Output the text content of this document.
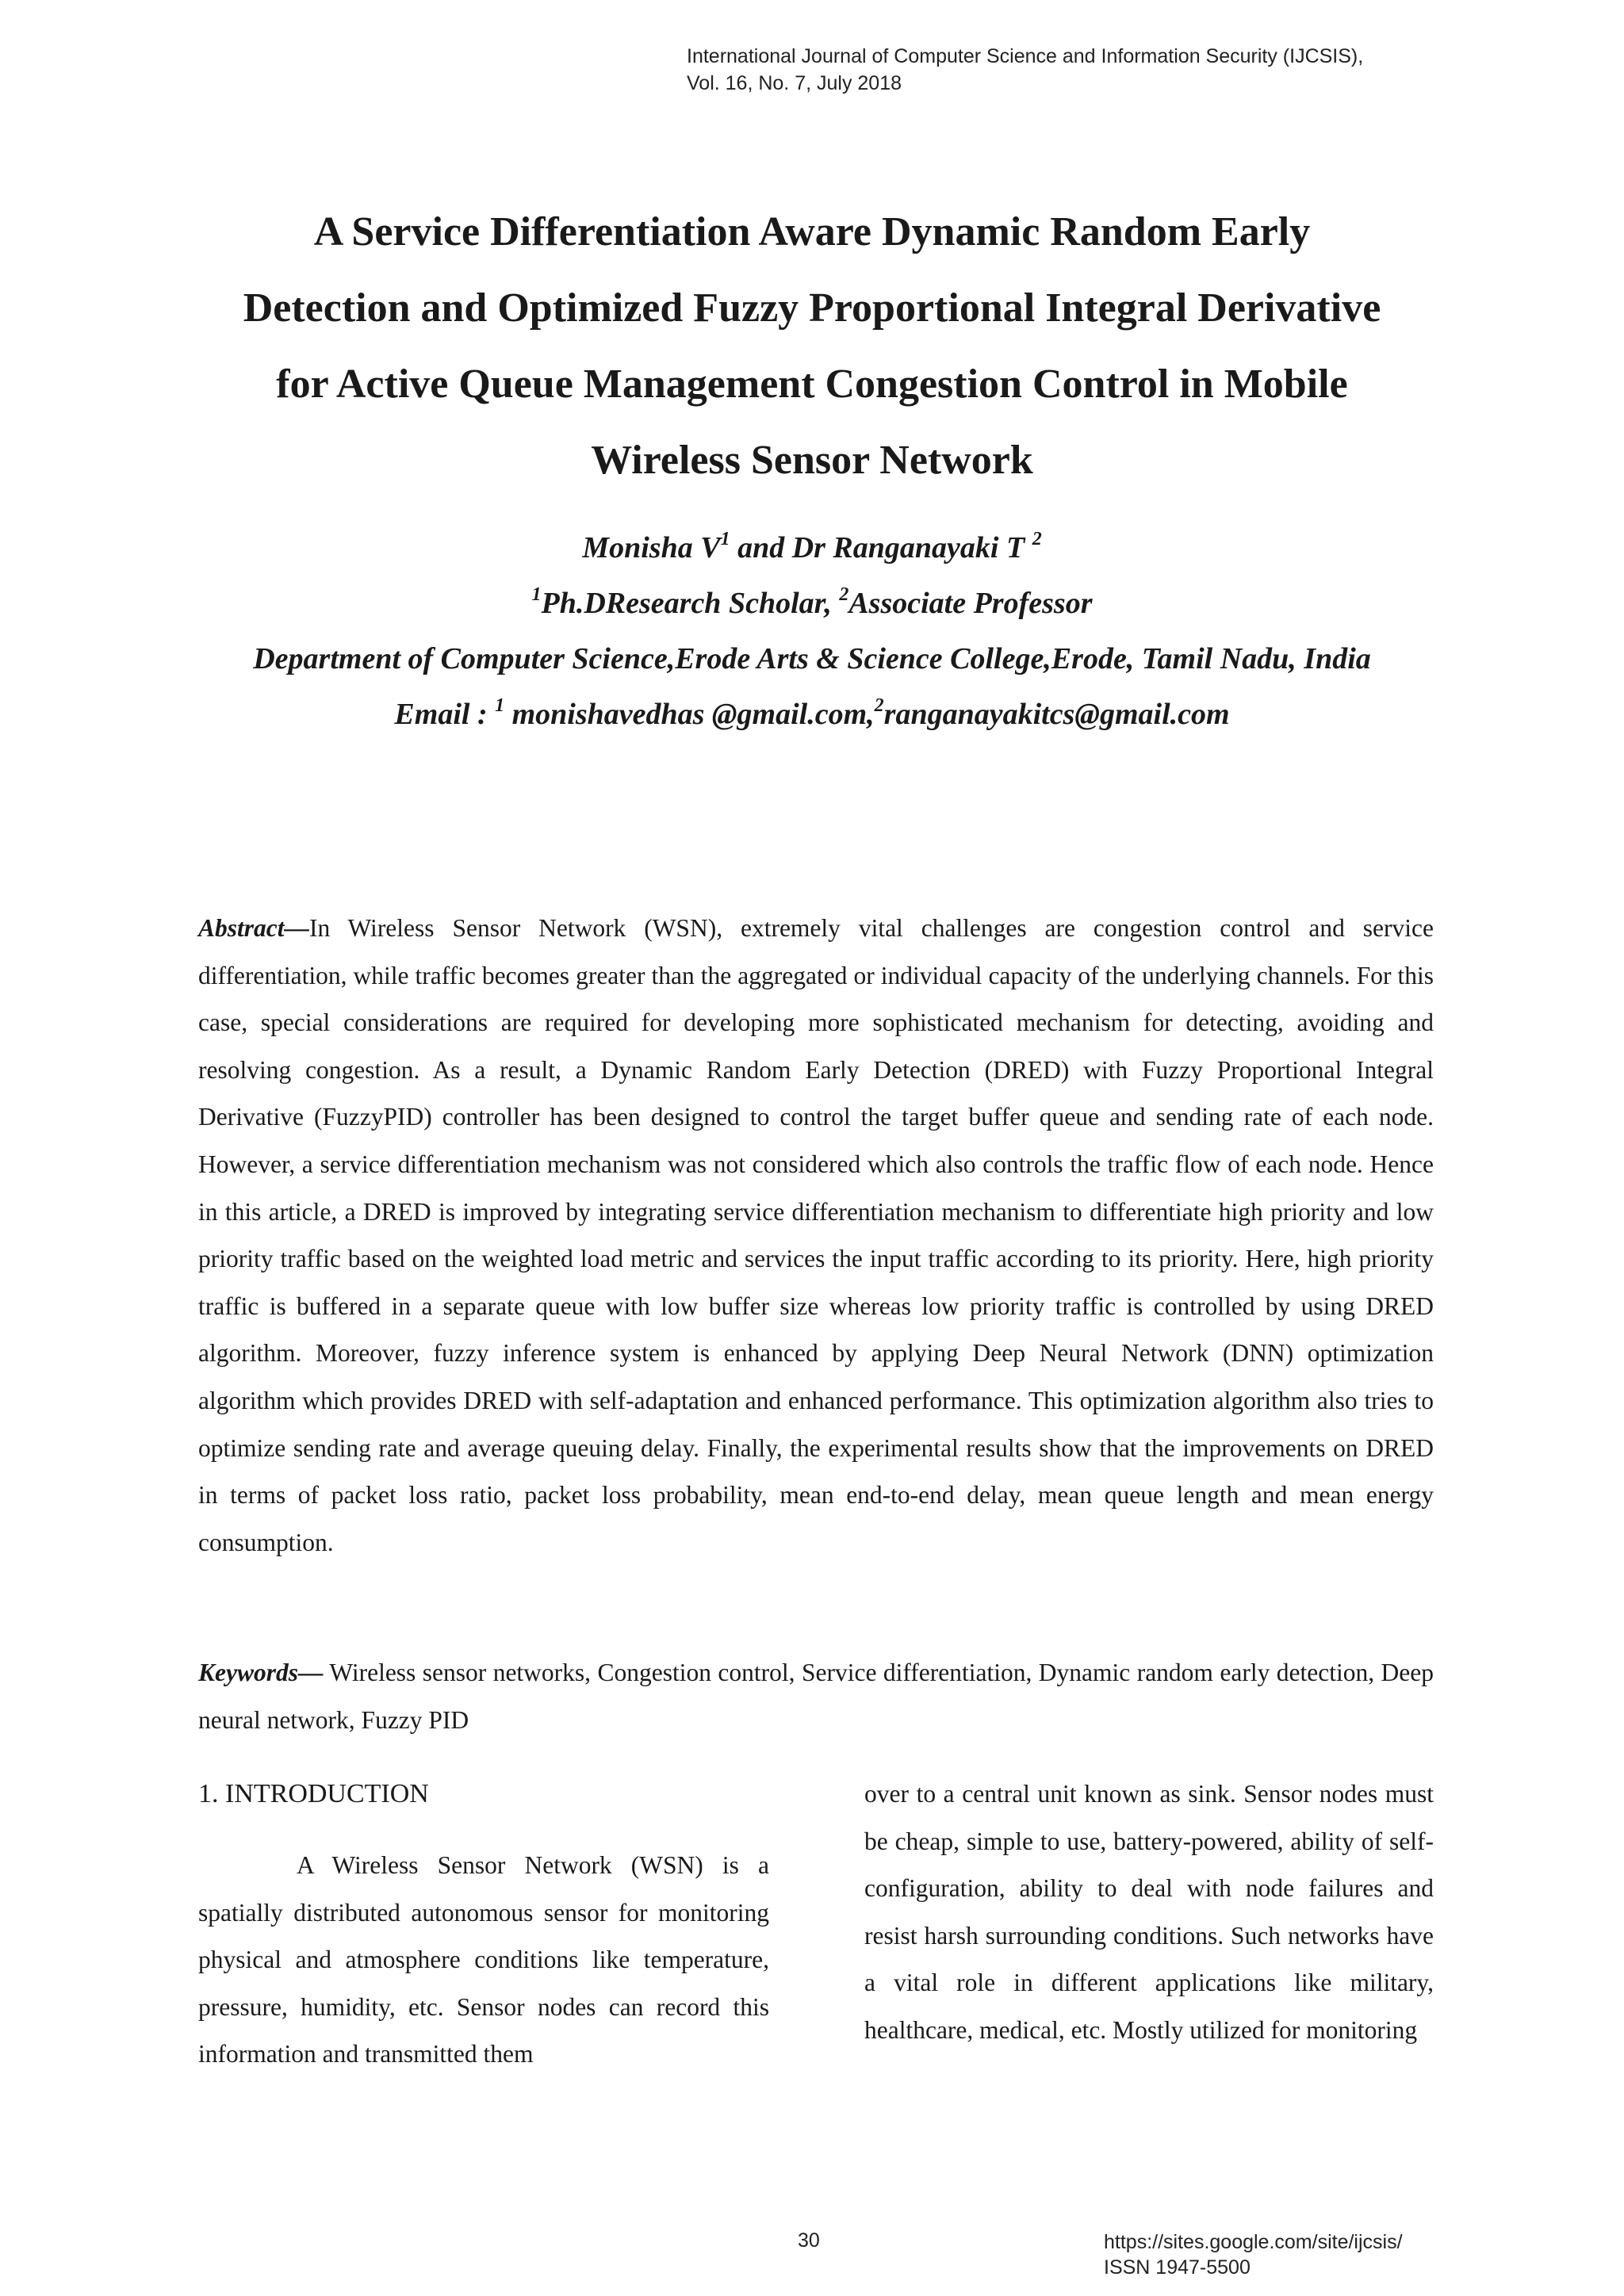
International Journal of Computer Science and Information Security (IJCSIS),
Vol. 16, No. 7, July 2018
A Service Differentiation Aware Dynamic Random Early
Detection and Optimized Fuzzy Proportional Integral Derivative
for Active Queue Management Congestion Control in Mobile
Wireless Sensor Network
Monisha $V^1$ and Dr Ranganayaki T $^2$
$^1$Ph.DResearch Scholar, $^2$Associate Professor
Department of Computer Science,Erode Arts & Science College,Erode, Tamil Nadu, India
Email : $^1$ monishavedhas @gmail.com,$^2$ranganayakitcs@gmail.com
Abstract—In Wireless Sensor Network (WSN), extremely vital challenges are congestion control and service differentiation, while traffic becomes greater than the aggregated or individual capacity of the underlying channels. For this case, special considerations are required for developing more sophisticated mechanism for detecting, avoiding and resolving congestion. As a result, a Dynamic Random Early Detection (DRED) with Fuzzy Proportional Integral Derivative (FuzzyPID) controller has been designed to control the target buffer queue and sending rate of each node. However, a service differentiation mechanism was not considered which also controls the traffic flow of each node. Hence in this article, a DRED is improved by integrating service differentiation mechanism to differentiate high priority and low priority traffic based on the weighted load metric and services the input traffic according to its priority. Here, high priority traffic is buffered in a separate queue with low buffer size whereas low priority traffic is controlled by using DRED algorithm. Moreover, fuzzy inference system is enhanced by applying Deep Neural Network (DNN) optimization algorithm which provides DRED with self-adaptation and enhanced performance. This optimization algorithm also tries to optimize sending rate and average queuing delay. Finally, the experimental results show that the improvements on DRED in terms of packet loss ratio, packet loss probability, mean end-to-end delay, mean queue length and mean energy consumption.
Keywords— Wireless sensor networks, Congestion control, Service differentiation, Dynamic random early detection, Deep neural network, Fuzzy PID
1. INTRODUCTION

A Wireless Sensor Network (WSN) is a spatially distributed autonomous sensor for monitoring physical and atmosphere conditions like temperature, pressure, humidity, etc. Sensor nodes can record this information and transmitted them

over to a central unit known as sink. Sensor nodes must be cheap, simple to use, battery-powered, ability of self-configuration, ability to deal with node failures and resist harsh surrounding conditions. Such networks have a vital role in different applications like military, healthcare, medical, etc. Mostly utilized for monitoring

30	https://sites.google.com/site/ijcsis/
ISSN 1947-5500
